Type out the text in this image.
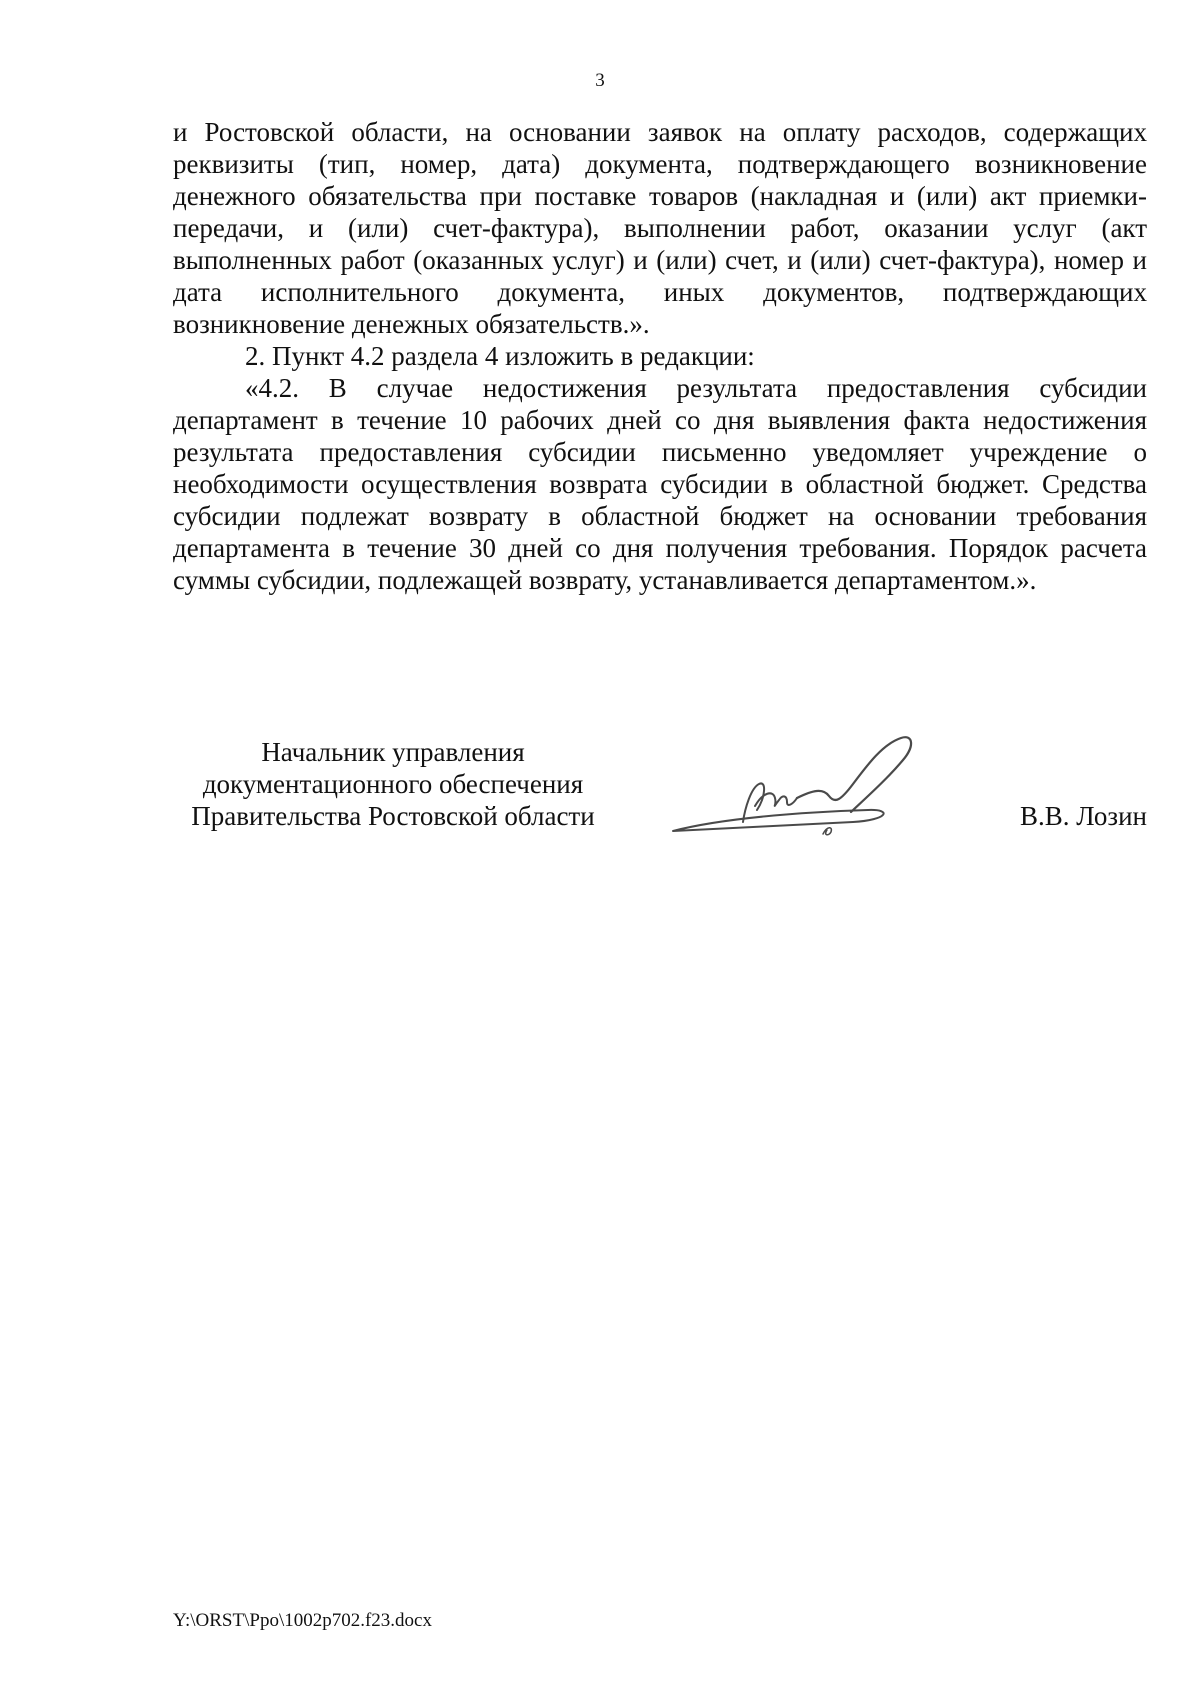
3

и Ростовской области, на основании заявок на оплату расходов, содержащих реквизиты (тип, номер, дата) документа, подтверждающего возникновение денежного обязательства при поставке товаров (накладная и (или) акт приемки-передачи, и (или) счет-фактура), выполнении работ, оказании услуг (акт выполненных работ (оказанных услуг) и (или) счет, и (или) счет-фактура), номер и дата исполнительного документа, иных документов, подтверждающих возникновение денежных обязательств.».

2. Пункт 4.2 раздела 4 изложить в редакции:

«4.2. В случае недостижения результата предоставления субсидии департамент в течение 10 рабочих дней со дня выявления факта недостижения результата предоставления субсидии письменно уведомляет учреждение о необходимости осуществления возврата субсидии в областной бюджет. Средства субсидии подлежат возврату в областной бюджет на основании требования департамента в течение 30 дней со дня получения требования. Порядок расчета суммы субсидии, подлежащей возврату, устанавливается департаментом.».

Начальник управления
документационного обеспечения
Правительства Ростовской области	В.В. Лозин
Y:\ORST\Ppo\1002p702.f23.docx
